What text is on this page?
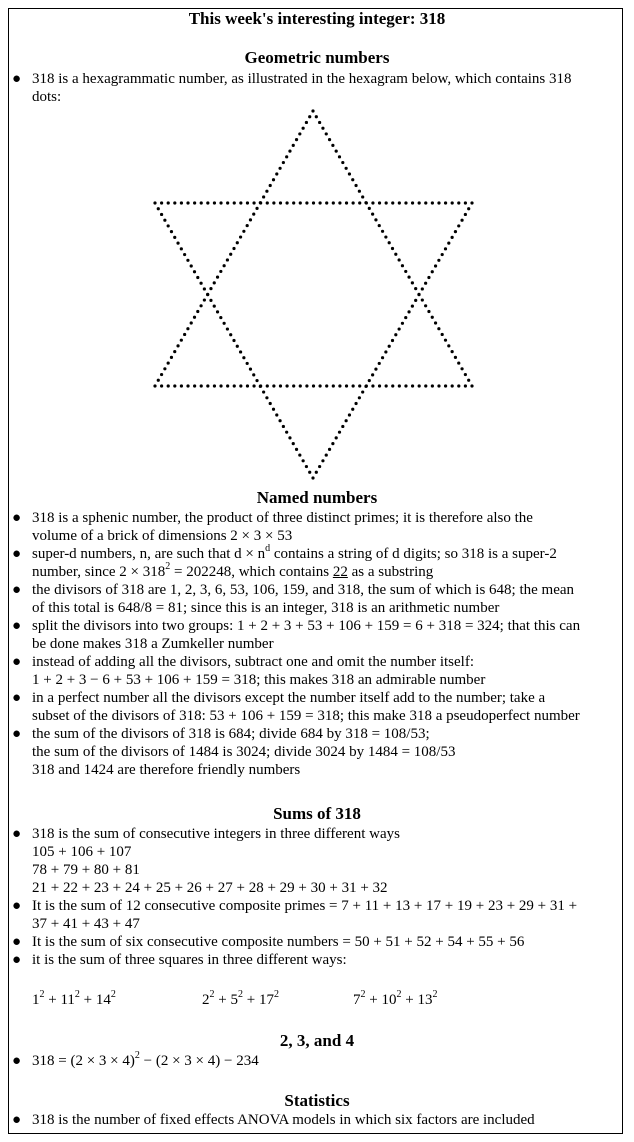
This week's interesting integer: 318
Geometric numbers
● 318 is a hexagrammatic number, as illustrated in the hexagram below, which contains 318
dots:
Named numbers
● 318 is a sphenic number, the product of three distinct primes; it is therefore also the
volume of a brick of dimensions 2 × 3 × 53
● super-d numbers, n, are such that $d \times n^d$ contains a string of d digits; so 318 is a super-2
number, since $2 \times 318^2 = 202248$, which contains 22 as a substring
● the divisors of 318 are 1, 2, 3, 6, 53, 106, 159, and 318, the sum of which is 648; the mean
of this total is 648/8 = 81; since this is an integer, 318 is an arithmetic number
● split the divisors into two groups: 1 + 2 + 3 + 53 + 106 + 159 = 6 + 318 = 324; that this can
be done makes 318 a Zumkeller number
● instead of adding all the divisors, subtract one and omit the number itself:
1 + 2 + 3 − 6 + 53 + 106 + 159 = 318; this makes 318 an admirable number
● in a perfect number all the divisors except the number itself add to the number; take a
subset of the divisors of 318: 53 + 106 + 159 = 318; this make 318 a pseudoperfect number
● the sum of the divisors of 318 is 684; divide 684 by 318 = 108/53;
the sum of the divisors of 1484 is 3024; divide 3024 by 1484 = 108/53
318 and 1424 are therefore friendly numbers
Sums of 318
● 318 is the sum of consecutive integers in three different ways
105 + 106 + 107
78 + 79 + 80 + 81
21 + 22 + 23 + 24 + 25 + 26 + 27 + 28 + 29 + 30 + 31 + 32
● It is the sum of 12 consecutive composite primes = 7 + 11 + 13 + 17 + 19 + 23 + 29 + 31 +
37 + 41 + 43 + 47
● It is the sum of six consecutive composite numbers = 50 + 51 + 52 + 54 + 55 + 56
● it is the sum of three squares in three different ways:
$1^2 + 11^2 + 14^2$	$2^2 + 5^2 + 17^2$	$7^2 + 10^2 + 13^2$
2, 3, and 4
● $318 = (2 \times 3 \times 4)^2 - (2 \times 3 \times 4) - 234$
Statistics
● 318 is the number of fixed effects ANOVA models in which six factors are included
